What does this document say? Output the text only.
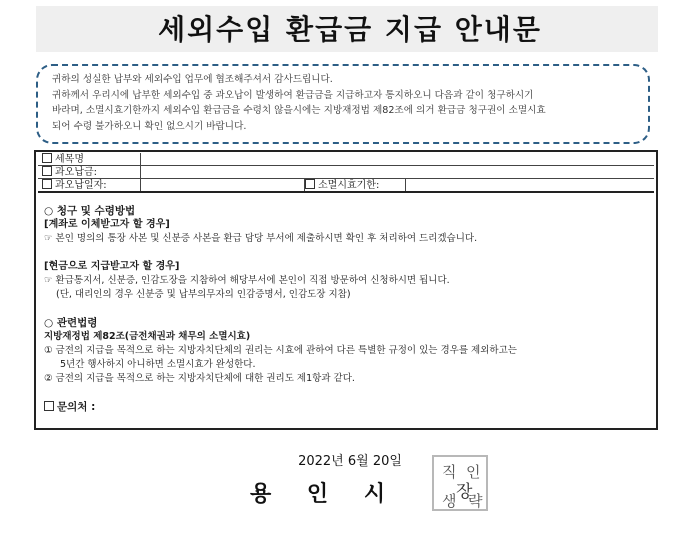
세외수입 환급금 지급 안내문

귀하의 성실한 납부와 세외수입 업무에 협조해주셔서 감사드립니다.

귀하께서 우리시에 납부한 세외수입 중 과오납이 발생하여 환급금을 지급하고자 통지하오니 다음과 같이 청구하시기

바라며, 소멸시효기한까지 세외수입 환급금을 수령치 않을시에는 지방재정법 제82조에 의거 환급금 청구권이 소멸시효

되어 수령 불가하오니 확인 없으시기 바랍니다.

세목명
과오납금:
과오납일자:	소멸시효기한:

○ 청구 및 수령방법

[계좌로 이체받고자 할 경우]

☞ 본인 명의의 통장 사본 및 신분증 사본을 환급 담당 부서에 제출하시면 확인 후 처리하여 드리겠습니다.

[현금으로 지급받고자 할 경우]

☞ 환급통지서, 신분증, 인감도장을 지참하여 해당부서에 본인이 직접 방문하여 신청하시면 됩니다.

(단, 대리인의 경우 신분증 및 납부의무자의 인감증명서, 인감도장 지참)

○ 관련법령

지방재정법 제82조(금전채권과 채무의 소멸시효)

① 금전의 지급을 목적으로 하는 지방자치단체의 권리는 시효에 관하여 다른 특별한 규정이 있는 경우를 제외하고는

5년간 행사하지 아니하면 소멸시효가 완성한다.

② 금전의 지급을 목적으로 하는 지방자치단체에 대한 권리도 제1항과 같다.

문의처 :

2022년 6월 20일
용 인 시
직 인
장
생 략
